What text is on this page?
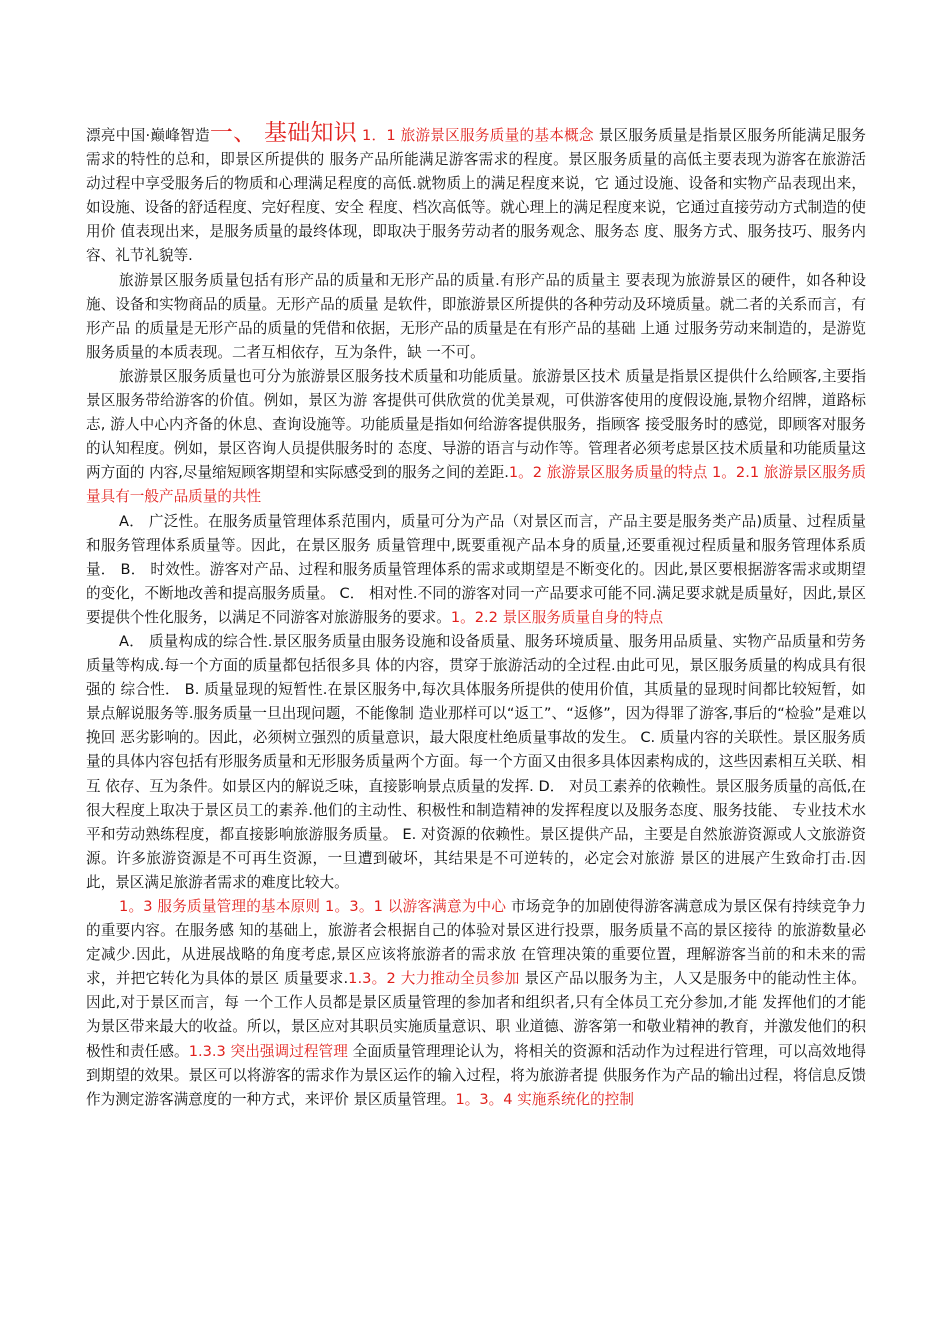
漂亮中国·巅峰智造一、 基础知识 1．1 旅游景区服务质量的基本概念 景区服务质量是指景区服务所能满足服务需求的特性的总和，即景区所提供的 服务产品所能满足游客需求的程度。景区服务质量的高低主要表现为游客在旅游活 动过程中享受服务后的物质和心理满足程度的高低.就物质上的满足程度来说，它 通过设施、设备和实物产品表现出来，如设施、设备的舒适程度、完好程度、安全 程度、档次高低等。就心理上的满足程度来说，它通过直接劳动方式制造的使用价 值表现出来，是服务质量的最终体现，即取决于服务劳动者的服务观念、服务态 度、服务方式、服务技巧、服务内容、礼节礼貌等.

旅游景区服务质量包括有形产品的质量和无形产品的质量.有形产品的质量主 要表现为旅游景区的硬件，如各种设施、设备和实物商品的质量。无形产品的质量 是软件，即旅游景区所提供的各种劳动及环境质量。就二者的关系而言，有形产品 的质量是无形产品的质量的凭借和依据，无形产品的质量是在有形产品的基础 上通 过服务劳动来制造的，是游览服务质量的本质表现。二者互相依存，互为条件，缺 一不可。

旅游景区服务质量也可分为旅游景区服务技术质量和功能质量。旅游景区技术 质量是指景区提供什么给顾客,主要指景区服务带给游客的价值。例如，景区为游 客提供可供欣赏的优美景观，可供游客使用的度假设施,景物介绍牌，道路标志, 游人中心内齐备的休息、查询设施等。功能质量是指如何给游客提供服务，指顾客 接受服务时的感觉，即顾客对服务的认知程度。例如，景区咨询人员提供服务时的 态度、导游的语言与动作等。管理者必须考虑景区技术质量和功能质量这两方面的 内容,尽量缩短顾客期望和实际感受到的服务之间的差距.1。2 旅游景区服务质量的特点 1。2.1 旅游景区服务质量具有一般产品质量的共性

A． 广泛性。在服务质量管理体系范围内，质量可分为产品（对景区而言，产品主要是服务类产品)质量、过程质量和服务管理体系质量等。因此，在景区服务 质量管理中,既要重视产品本身的质量,还要重视过程质量和服务管理体系质量． B． 时效性。游客对产品、过程和服务质量管理体系的需求或期望是不断变化的。因此,景区要根据游客需求或期望的变化，不断地改善和提高服务质量。 C． 相对性.不同的游客对同一产品要求可能不同.满足要求就是质量好，因此,景区要提供个性化服务，以满足不同游客对旅游服务的要求。1。2.2 景区服务质量自身的特点

A． 质量构成的综合性.景区服务质量由服务设施和设备质量、服务环境质量、服务用品质量、实物产品质量和劳务质量等构成.每一个方面的质量都包括很多具 体的内容，贯穿于旅游活动的全过程.由此可见，景区服务质量的构成具有很强的 综合性． B. 质量显现的短暂性.在景区服务中,每次具体服务所提供的使用价值，其质量的显现时间都比较短暂，如景点解说服务等.服务质量一旦出现问题，不能像制 造业那样可以“返工”、“返修”，因为得罪了游客,事后的“检验”是难以挽回 恶劣影响的。因此，必须树立强烈的质量意识，最大限度杜绝质量事故的发生。 C. 质量内容的关联性。景区服务质量的具体内容包括有形服务质量和无形服务质量两个方面。每一个方面又由很多具体因素构成的，这些因素相互关联、相互 依存、互为条件。如景区内的解说乏味，直接影响景点质量的发挥. D． 对员工素养的依赖性。景区服务质量的高低,在很大程度上取决于景区员工的素养.他们的主动性、积极性和制造精神的发挥程度以及服务态度、服务技能、 专业技术水平和劳动熟练程度，都直接影响旅游服务质量。 E. 对资源的依赖性。景区提供产品，主要是自然旅游资源或人文旅游资源。许多旅游资源是不可再生资源，一旦遭到破坏，其结果是不可逆转的，必定会对旅游 景区的进展产生致命打击.因此，景区满足旅游者需求的难度比较大。

1。3 服务质量管理的基本原则 1。3。1 以游客满意为中心 市场竞争的加剧使得游客满意成为景区保有持续竞争力的重要内容。在服务感 知的基础上，旅游者会根据自己的体验对景区进行投票，服务质量不高的景区接待 的旅游数量必定减少.因此，从进展战略的角度考虑,景区应该将旅游者的需求放 在管理决策的重要位置，理解游客当前的和未来的需求，并把它转化为具体的景区 质量要求.1.3。2 大力推动全员参加 景区产品以服务为主，人又是服务中的能动性主体。因此,对于景区而言，每 一个工作人员都是景区质量管理的参加者和组织者,只有全体员工充分参加,才能 发挥他们的才能为景区带来最大的收益。所以，景区应对其职员实施质量意识、职 业道德、游客第一和敬业精神的教育，并激发他们的积极性和责任感。1.3.3 突出强调过程管理 全面质量管理理论认为，将相关的资源和活动作为过程进行管理，可以高效地得到期望的效果。景区可以将游客的需求作为景区运作的输入过程，将为旅游者提 供服务作为产品的输出过程，将信息反馈作为测定游客满意度的一种方式，来评价 景区质量管理。1。3。4 实施系统化的控制
